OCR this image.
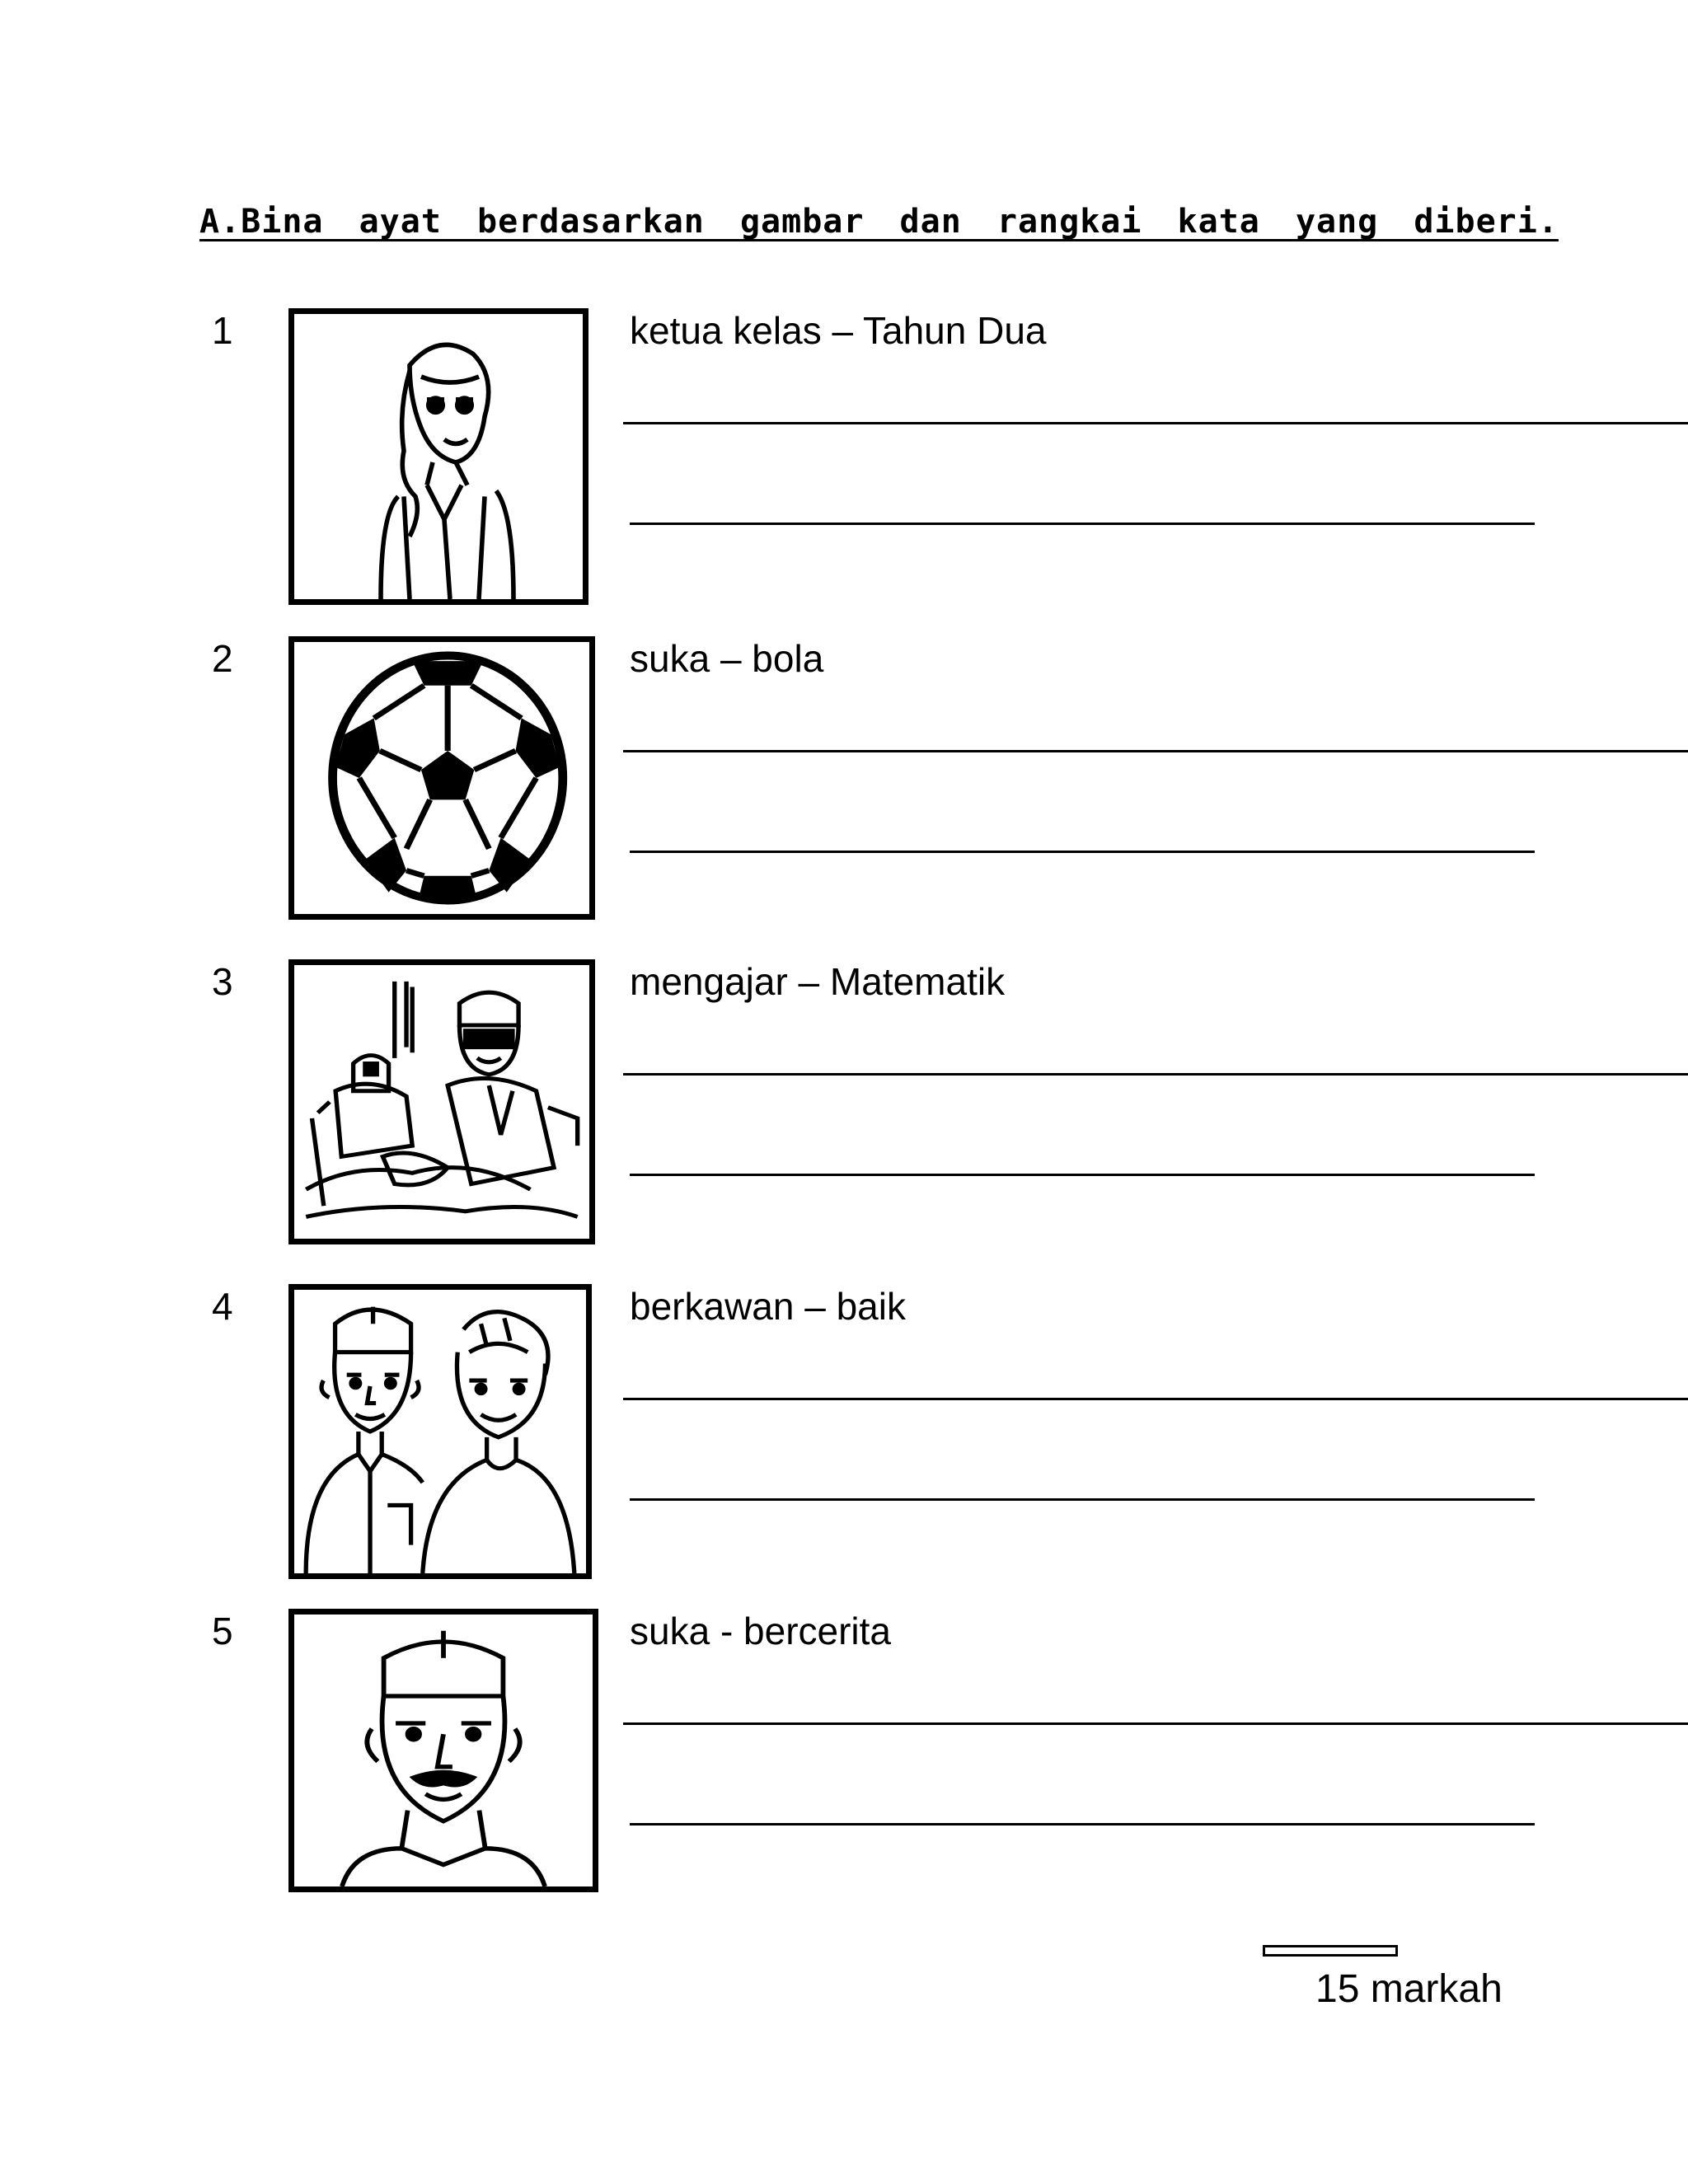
A.Bina ayat berdasarkan gambar dan rangkai kata yang diberi.
1	ketua kelas – Tahun Dua
2	suka – bola
3	mengajar – Matematik
4	berkawan – baik
5	suka - bercerita
15 markah
